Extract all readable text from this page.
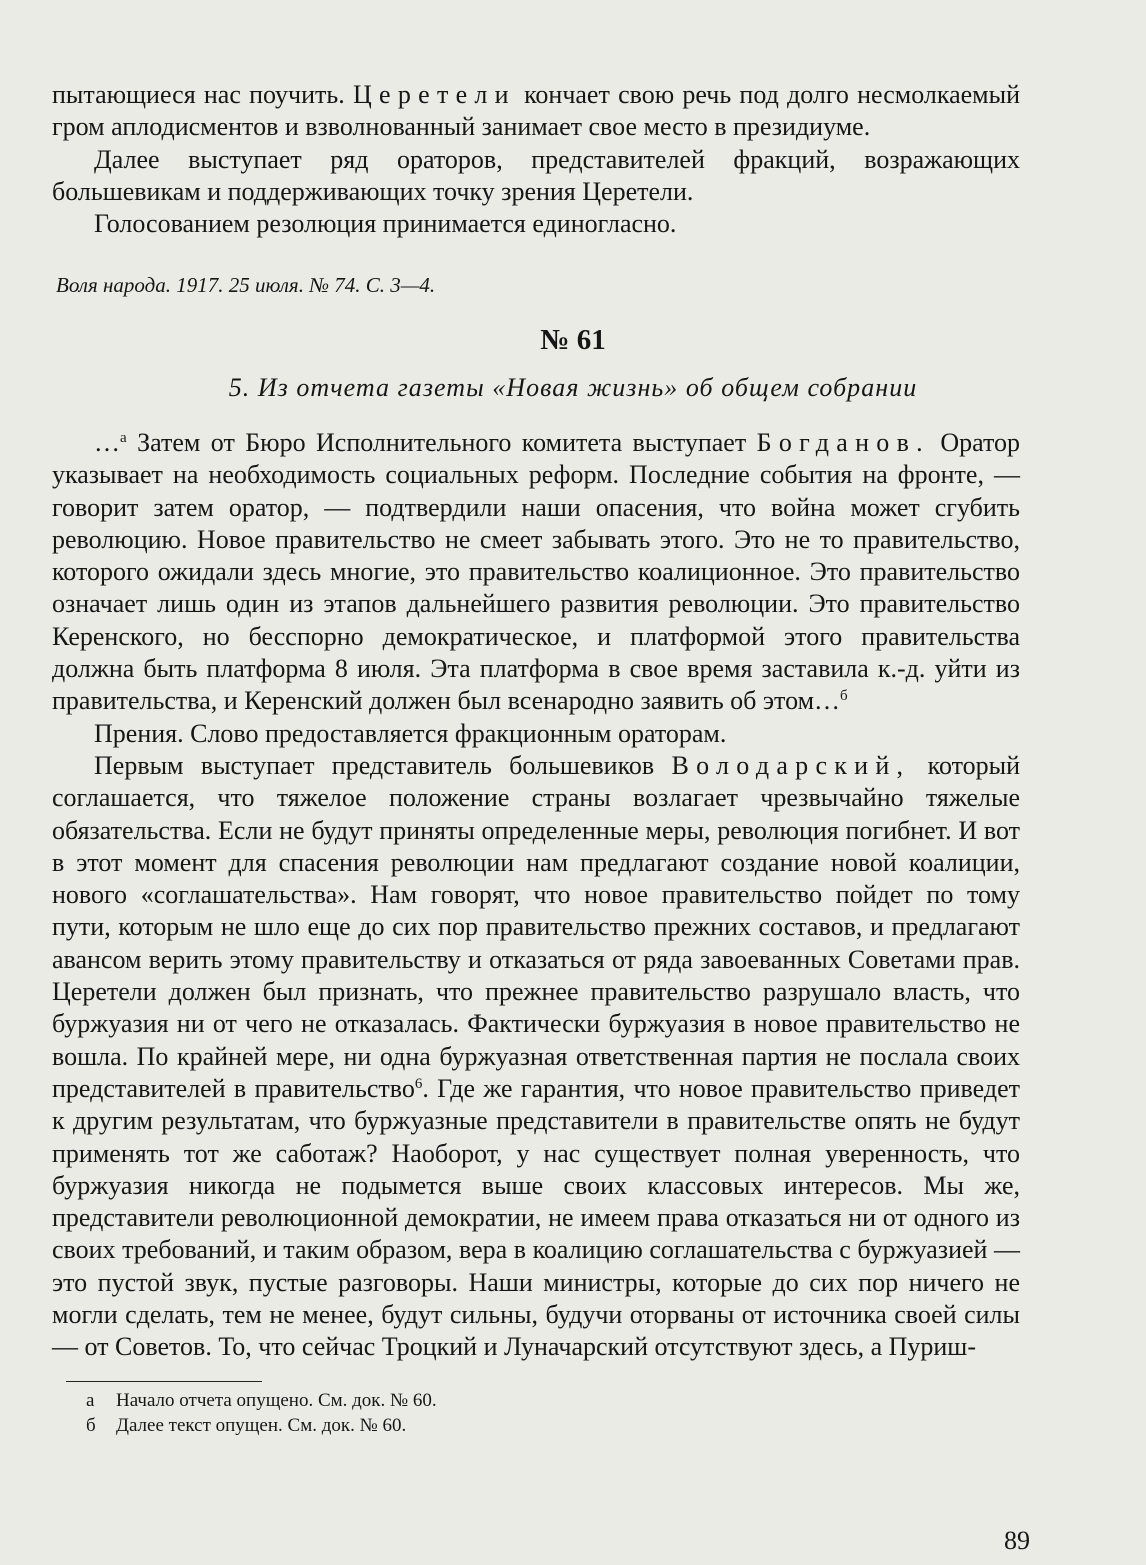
пытающиеся нас поучить. Церетели кончает свою речь под долго несмолкаемый гром аплодисментов и взволнованный занимает свое место в президиуме.

Далее выступает ряд ораторов, представителей фракций, возражающих большевикам и поддерживающих точку зрения Церетели.

Голосованием резолюция принимается единогласно.

Воля народа. 1917. 25 июля. № 74. С. 3—4.
№ 61
5. Из отчета газеты «Новая жизнь» об общем собрании

…$^а$ Затем от Бюро Исполнительного комитета выступает Богданов. Оратор указывает на необходимость социальных реформ. Последние события на фронте, — говорит затем оратор, — подтвердили наши опасения, что война может сгубить революцию. Новое правительство не смеет забывать этого. Это не то правительство, которого ожидали здесь многие, это правительство коалиционное. Это правительство означает лишь один из этапов дальнейшего развития революции. Это правительство Керенского, но бесспорно демократическое, и платформой этого правительства должна быть платформа 8 июля. Эта платформа в свое время заставила к.-д. уйти из правительства, и Керенский должен был всенародно заявить об этом…$^б$

Прения. Слово предоставляется фракционным ораторам.

Первым выступает представитель большевиков Володарский, который соглашается, что тяжелое положение страны возлагает чрезвычайно тяжелые обязательства. Если не будут приняты определенные меры, революция погибнет. И вот в этот момент для спасения революции нам предлагают создание новой коалиции, нового «соглашательства». Нам говорят, что новое правительство пойдет по тому пути, которым не шло еще до сих пор правительство прежних составов, и предлагают авансом верить этому правительству и отказаться от ряда завоеванных Советами прав. Церетели должен был признать, что прежнее правительство разрушало власть, что буржуазия ни от чего не отказалась. Фактически буржуазия в новое правительство не вошла. По крайней мере, ни одна буржуазная ответственная партия не послала своих представителей в правительство$^6$. Где же гарантия, что новое правительство приведет к другим результатам, что буржуазные представители в правительстве опять не будут применять тот же саботаж? Наоборот, у нас существует полная уверенность, что буржуазия никогда не подымется выше своих классовых интересов. Мы же, представители революционной демократии, не имеем права отказаться ни от одного из своих требований, и таким образом, вера в коалицию соглашательства с буржуазией — это пустой звук, пустые разговоры. Наши министры, которые до сих пор ничего не могли сделать, тем не менее, будут сильны, будучи оторваны от источника своей силы — от Советов. То, что сейчас Троцкий и Луначарский отсутствуют здесь, а Пуриш-

а Начало отчета опущено. См. док. № 60.
б Далее текст опущен. См. док. № 60.
89
